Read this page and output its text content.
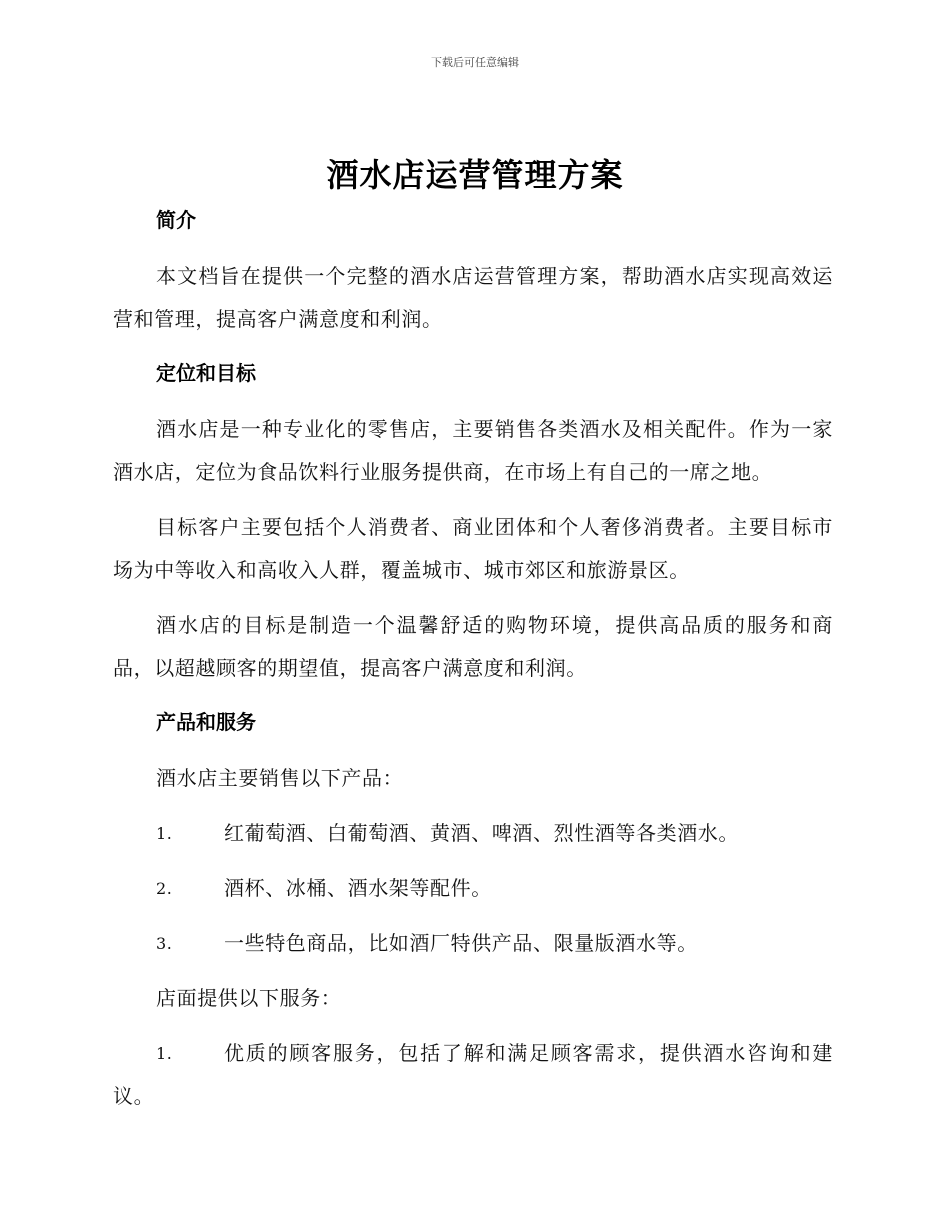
下载后可任意编辑
酒水店运营管理方案
简介

本文档旨在提供一个完整的酒水店运营管理方案，帮助酒水店实现高效运营和管理，提高客户满意度和利润。

定位和目标

酒水店是一种专业化的零售店，主要销售各类酒水及相关配件。作为一家酒水店，定位为食品饮料行业服务提供商，在市场上有自己的一席之地。

目标客户主要包括个人消费者、商业团体和个人奢侈消费者。主要目标市场为中等收入和高收入人群，覆盖城市、城市郊区和旅游景区。

酒水店的目标是制造一个温馨舒适的购物环境，提供高品质的服务和商品，以超越顾客的期望值，提高客户满意度和利润。

产品和服务

酒水店主要销售以下产品：

1.	红葡萄酒、白葡萄酒、黄酒、啤酒、烈性酒等各类酒水。
2.	酒杯、冰桶、酒水架等配件。
3.	一些特色商品，比如酒厂特供产品、限量版酒水等。

店面提供以下服务：

1.	优质的顾客服务，包括了解和满足顾客需求，提供酒水咨询和建议。
